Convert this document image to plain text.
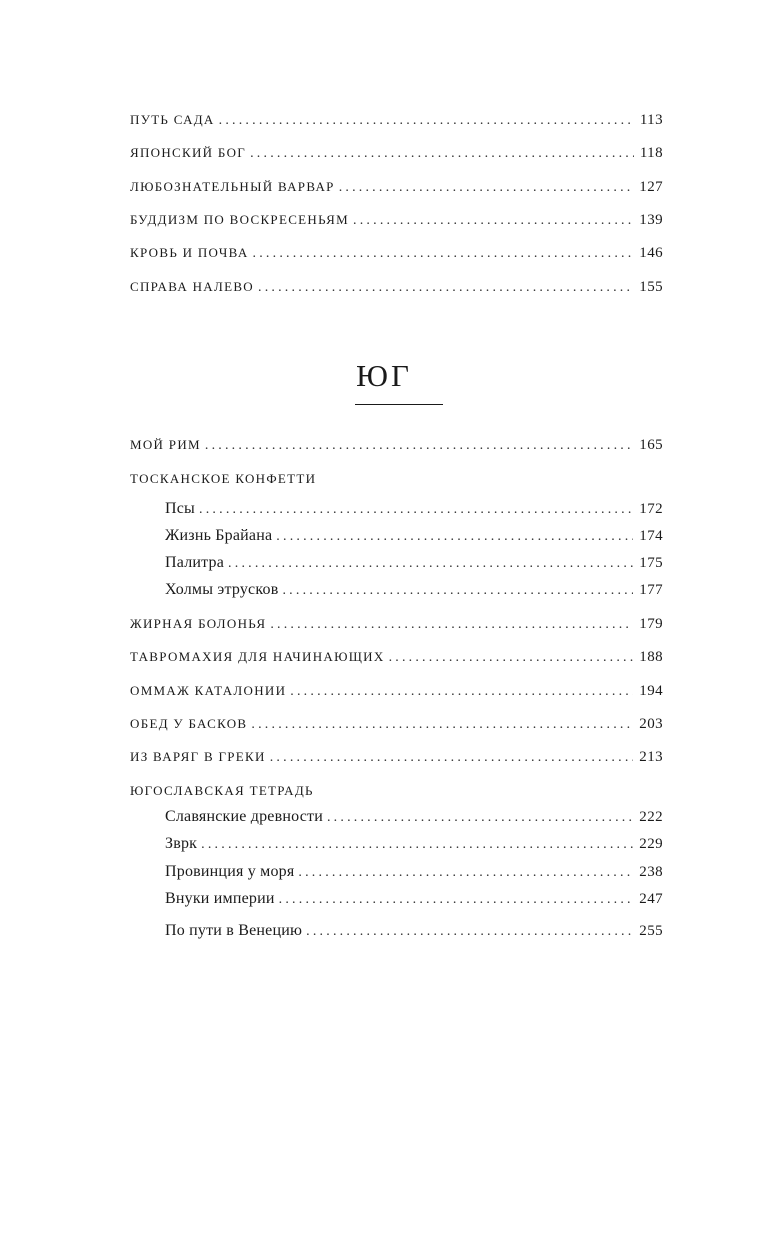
ПУТЬ САДА .....	113
ЯПОНСКИЙ БОГ .....	118
ЛЮБОЗНАТЕЛЬНЫЙ ВАРВАР .....	127
БУДДИЗМ ПО ВОСКРЕСЕНЬЯМ .....	139
КРОВЬ И ПОЧВА .....	146
СПРАВА НАЛЕВО .....	155
ЮГ
МОЙ РИМ .....	165
ТОСКАНСКОЕ КОНФЕТТИ
Псы .....	172
Жизнь Брайана .....	174
Палитра .....	175
Холмы этрусков .....	177
ЖИРНАЯ БОЛОНЬЯ .....	179
ТАВРОМАХИЯ ДЛЯ НАЧИНАЮЩИХ .....	188
ОММАЖ КАТАЛОНИИ .....	194
ОБЕД У БАСКОВ .....	203
ИЗ ВАРЯГ В ГРЕКИ .....	213
ЮГОСЛАВСКАЯ ТЕТРАДЬ
Славянские древности .....	222
Зврк .....	229
Провинция у моря .....	238
Внуки империи .....	247
По пути в Венецию .....	255
